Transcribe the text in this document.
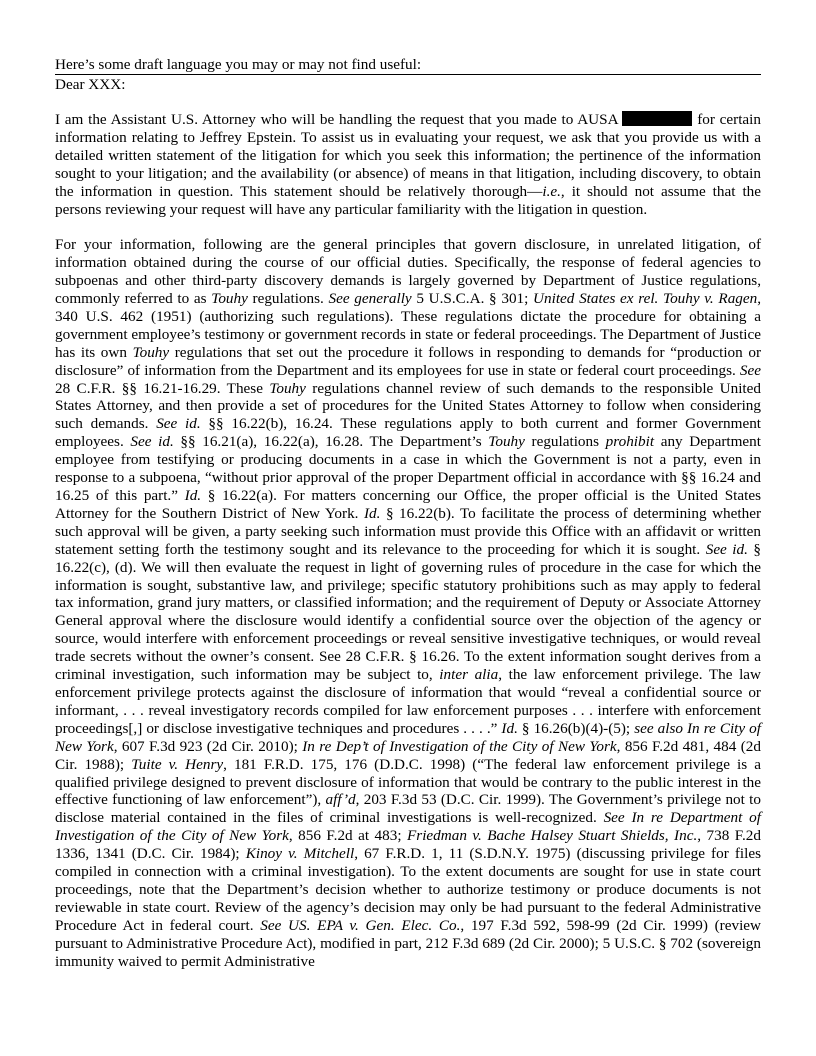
Here’s some draft language you may or may not find useful:
Dear XXX:

I am the Assistant U.S. Attorney who will be handling the request that you made to AUSA	for certain information relating to Jeffrey Epstein. To assist us in evaluating your request, we ask that you provide us with a detailed written statement of the litigation for which you seek this information; the pertinence of the information sought to your litigation; and the availability (or absence) of means in that litigation, including discovery, to obtain the information in question. This statement should be relatively thorough—i.e., it should not assume that the persons reviewing your request will have any particular familiarity with the litigation in question.

For your information, following are the general principles that govern disclosure, in unrelated litigation, of information obtained during the course of our official duties. Specifically, the response of federal agencies to subpoenas and other third-party discovery demands is largely governed by Department of Justice regulations, commonly referred to as Touhy regulations. See generally 5 U.S.C.A. § 301; United States ex rel. Touhy v. Ragen, 340 U.S. 462 (1951) (authorizing such regulations). These regulations dictate the procedure for obtaining a government employee’s testimony or government records in state or federal proceedings. The Department of Justice has its own Touhy regulations that set out the procedure it follows in responding to demands for “production or disclosure” of information from the Department and its employees for use in state or federal court proceedings. See 28 C.F.R. §§ 16.21-16.29. These Touhy regulations channel review of such demands to the responsible United States Attorney, and then provide a set of procedures for the United States Attorney to follow when considering such demands. See id. §§ 16.22(b), 16.24. These regulations apply to both current and former Government employees. See id. §§ 16.21(a), 16.22(a), 16.28. The Department’s Touhy regulations prohibit any Department employee from testifying or producing documents in a case in which the Government is not a party, even in response to a subpoena, “without prior approval of the proper Department official in accordance with §§ 16.24 and 16.25 of this part.” Id. § 16.22(a). For matters concerning our Office, the proper official is the United States Attorney for the Southern District of New York. Id. § 16.22(b). To facilitate the process of determining whether such approval will be given, a party seeking such information must provide this Office with an affidavit or written statement setting forth the testimony sought and its relevance to the proceeding for which it is sought. See id. § 16.22(c), (d). We will then evaluate the request in light of governing rules of procedure in the case for which the information is sought, substantive law, and privilege; specific statutory prohibitions such as may apply to federal tax information, grand jury matters, or classified information; and the requirement of Deputy or Associate Attorney General approval where the disclosure would identify a confidential source over the objection of the agency or source, would interfere with enforcement proceedings or reveal sensitive investigative techniques, or would reveal trade secrets without the owner’s consent. See 28 C.F.R. § 16.26. To the extent information sought derives from a criminal investigation, such information may be subject to, inter alia, the law enforcement privilege. The law enforcement privilege protects against the disclosure of information that would “reveal a confidential source or informant, . . . reveal investigatory records compiled for law enforcement purposes . . . interfere with enforcement proceedings[,] or disclose investigative techniques and procedures . . . .” Id. § 16.26(b)(4)-(5); see also In re City of New York, 607 F.3d 923 (2d Cir. 2010); In re Dep’t of Investigation of the City of New York, 856 F.2d 481, 484 (2d Cir. 1988); Tuite v. Henry, 181 F.R.D. 175, 176 (D.D.C. 1998) (“The federal law enforcement privilege is a qualified privilege designed to prevent disclosure of information that would be contrary to the public interest in the effective functioning of law enforcement”), aff’d, 203 F.3d 53 (D.C. Cir. 1999). The Government’s privilege not to disclose material contained in the files of criminal investigations is well-recognized. See In re Department of Investigation of the City of New York, 856 F.2d at 483; Friedman v. Bache Halsey Stuart Shields, Inc., 738 F.2d 1336, 1341 (D.C. Cir. 1984); Kinoy v. Mitchell, 67 F.R.D. 1, 11 (S.D.N.Y. 1975) (discussing privilege for files compiled in connection with a criminal investigation). To the extent documents are sought for use in state court proceedings, note that the Department’s decision whether to authorize testimony or produce documents is not reviewable in state court. Review of the agency’s decision may only be had pursuant to the federal Administrative Procedure Act in federal court. See US. EPA v. Gen. Elec. Co., 197 F.3d 592, 598-99 (2d Cir. 1999) (review pursuant to Administrative Procedure Act), modified in part, 212 F.3d 689 (2d Cir. 2000); 5 U.S.C. § 702 (sovereign immunity waived to permit Administrative
